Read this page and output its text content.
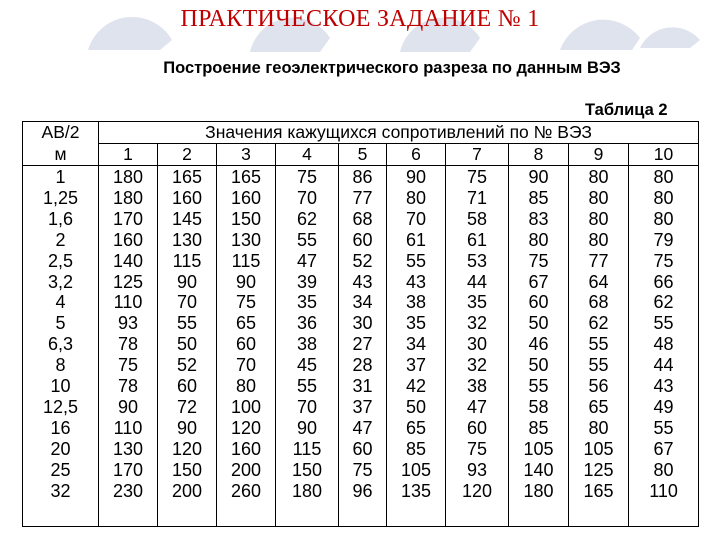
ПРАКТИЧЕСКОЕ ЗАДАНИЕ № 1
Построение геоэлектрического разреза по данным ВЭЗ
Таблица 2
АВ/2	Значения кажущихся сопротивлений по № ВЭЗ									
м	1	2	3	4	5	6	7	8	9	10
1	180	165	165	75	86	90	75	90	80	80
1,25	180	160	160	70	77	80	71	85	80	80
1,6	170	145	150	62	68	70	58	83	80	80
2	160	130	130	55	60	61	61	80	80	79
2,5	140	115	115	47	52	55	53	75	77	75
3,2	125	90	90	39	43	43	44	67	64	66
4	110	70	75	35	34	38	35	60	68	62
5	93	55	65	36	30	35	32	50	62	55
6,3	78	50	60	38	27	34	30	46	55	48
8	75	52	70	45	28	37	32	50	55	44
10	78	60	80	55	31	42	38	55	56	43
12,5	90	72	100	70	37	50	47	58	65	49
16	110	90	120	90	47	65	60	85	80	55
20	130	120	160	115	60	85	75	105	105	67
25	170	150	200	150	75	105	93	140	125	80
32	230	200	260	180	96	135	120	180	165	110
